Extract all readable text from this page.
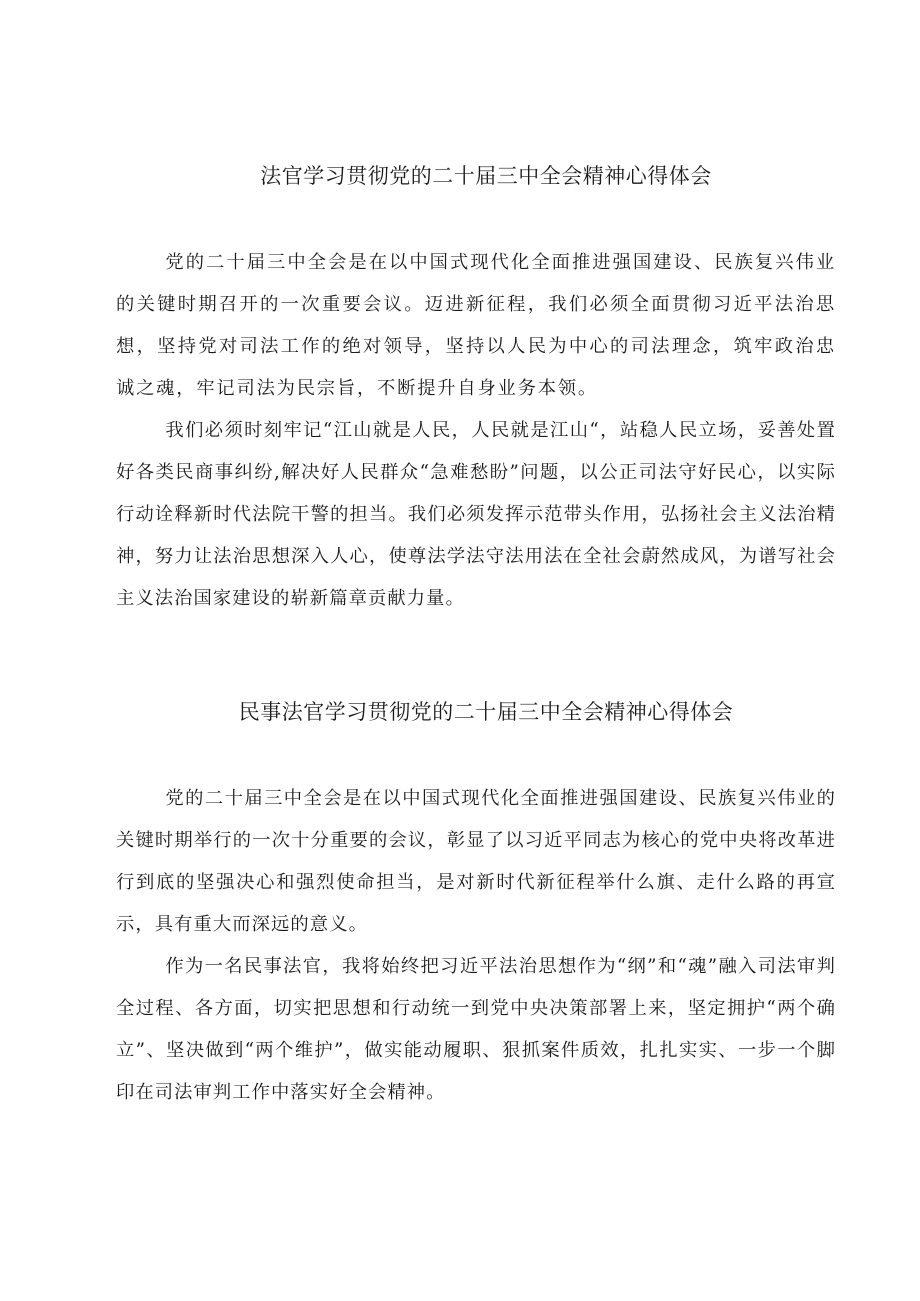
法官学习贯彻党的二十届三中全会精神心得体会

党的二十届三中全会是在以中国式现代化全面推进强国建设、民族复兴伟业的关键时期召开的一次重要会议。迈进新征程，我们必须全面贯彻习近平法治思想，坚持党对司法工作的绝对领导，坚持以人民为中心的司法理念，筑牢政治忠诚之魂，牢记司法为民宗旨，不断提升自身业务本领。

我们必须时刻牢记“江山就是人民，人民就是江山“，站稳人民立场，妥善处置好各类民商事纠纷,解决好人民群众“急难愁盼”问题，以公正司法守好民心，以实际行动诠释新时代法院干警的担当。我们必须发挥示范带头作用，弘扬社会主义法治精神，努力让法治思想深入人心，使尊法学法守法用法在全社会蔚然成风，为谱写社会主义法治国家建设的崭新篇章贡献力量。

民事法官学习贯彻党的二十届三中全会精神心得体会

党的二十届三中全会是在以中国式现代化全面推进强国建设、民族复兴伟业的关键时期举行的一次十分重要的会议，彰显了以习近平同志为核心的党中央将改革进行到底的坚强决心和强烈使命担当，是对新时代新征程举什么旗、走什么路的再宣示，具有重大而深远的意义。

作为一名民事法官，我将始终把习近平法治思想作为“纲”和“魂”融入司法审判全过程、各方面，切实把思想和行动统一到党中央决策部署上来，坚定拥护“两个确立”、坚决做到“两个维护”，做实能动履职、狠抓案件质效，扎扎实实、一步一个脚印在司法审判工作中落实好全会精神。
